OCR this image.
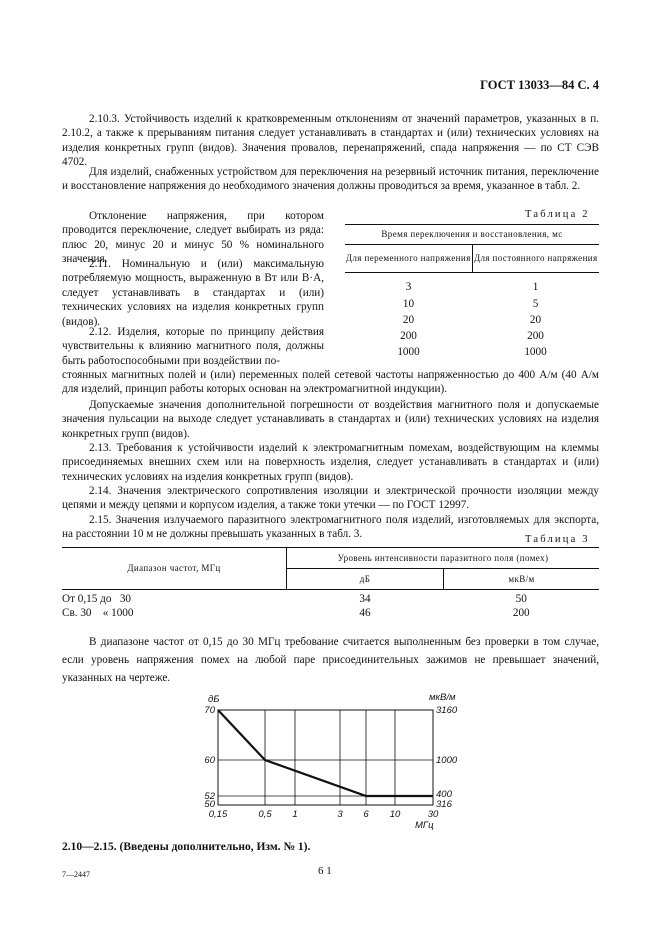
ГОСТ 13033—84 С. 4
2.10.3. Устойчивость изделий к кратковременным отклонениям от значений параметров, указанных в п. 2.10.2, а также к прерываниям питания следует устанавливать в стандартах и (или) технических условиях на изделия конкретных групп (видов). Значения провалов, перенапряжений, спада напряжения — по СТ СЭВ 4702.
Для изделий, снабженных устройством для переключения на резервный источник питания, переключение и восстановление напряжения до необходимого значения должны проводиться за время, указанное в табл. 2.
Отклонение напряжения, при котором проводится переключение, следует выбирать из ряда: плюс 20, минус 20 и минус 50 % номинального значения.
2.11. Номинальную и (или) максимальную потребляемую мощность, выраженную в Вт или В·А, следует устанавливать в стандартах и (или) технических условиях на изделия конкретных групп (видов).
2.12. Изделия, которые по принципу действия чувствительны к влиянию магнитного поля, должны быть работоспособными при воздействии по-
стоянных магнитных полей и (или) переменных полей сетевой частоты напряженностью до 400 А/м (40 А/м для изделий, принцип работы которых основан на электромагнитной индукции).
Допускаемые значения дополнительной погрешности от воздействия магнитного поля и допускаемые значения пульсации на выходе следует устанавливать в стандартах и (или) технических условиях на изделия конкретных групп (видов).
2.13. Требования к устойчивости изделий к электромагнитным помехам, воздействующим на клеммы присоединяемых внешних схем или на поверхность изделия, следует устанавливать в стандартах и (или) технических условиях на изделия конкретных групп (видов).
2.14. Значения электрического сопротивления изоляции и электрической прочности изоляции между цепями и между цепями и корпусом изделия, а также токи утечки — по ГОСТ 12997.
2.15. Значения излучаемого паразитного электромагнитного поля изделий, изготовляемых для экспорта, на расстоянии 10 м не должны превышать указанных в табл. 3.
Таблица 2
Время переключения и восстановления, мс	
Для переменного напряжения	Для постоянного напряжения
3	1
10	5
20	20
200	200
1000	1000
Таблица 3
Диапазон частот, МГц	Уровень интенсивности паразитного поля (помех)	
	дБ	мкВ/м
От 0,15 до   30	34	50
Св. 30    « 1000	46	200
В диапазоне частот от 0,15 до 30 МГц требование считается выполненным без проверки в том случае, если уровень напряжения помех на любой паре присоединительных зажимов не превышает значений, указанных на чертеже.
0,15	0,5 1	3 6 10	30
МГц
70
60
52
50
дБ
3160
1000
400
316
мкВ/м
2.10—2.15. (Введены дополнительно, Изм. № 1).
7—2447	6 1
